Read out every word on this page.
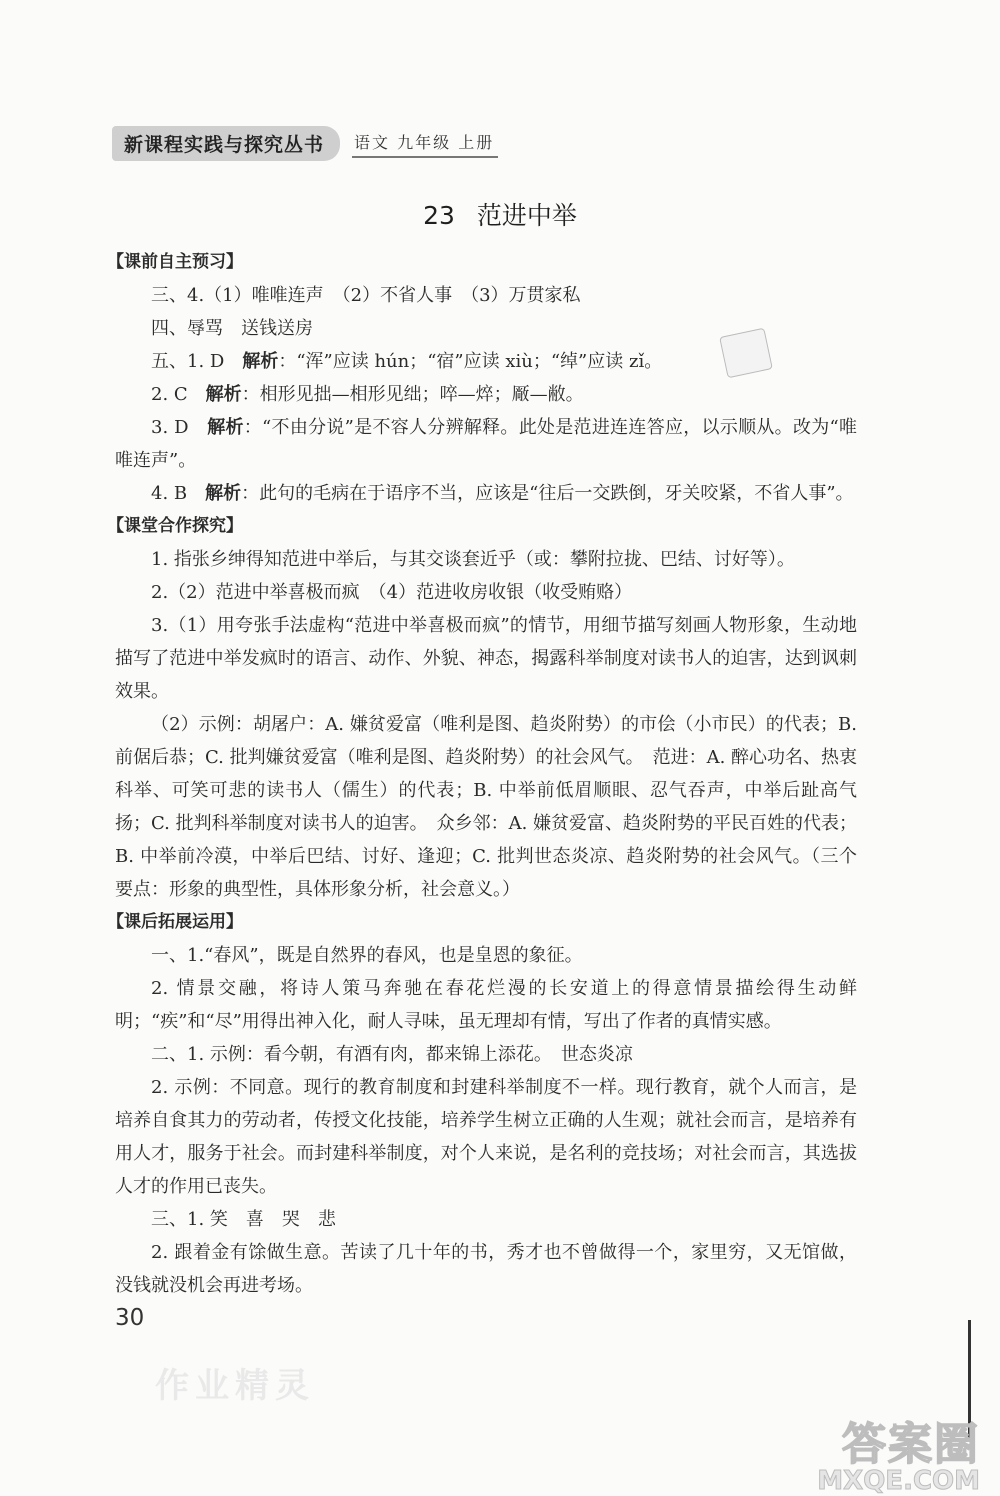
新课程实践与探究丛书	语文 九年级 上册
23 范进中举
【课前自主预习】
三、4.（1）唯唯连声　（2）不省人事　（3）万贯家私
四、辱骂　送钱送房
五、1. D　解析：“浑”应读 hún；“宿”应读 xiù；“绰”应读 zǐ。
2. C　解析：相形见拙—相形见绌；啐—焠；厰—敝。
3. D　解析：“不由分说”是不容人分辨解释。此处是范进连连答应，以示顺从。改为“唯唯连声”。
4. B　解析：此句的毛病在于语序不当，应该是“往后一交跌倒，牙关咬紧，不省人事”。
【课堂合作探究】
1. 指张乡绅得知范进中举后，与其交谈套近乎（或：攀附拉拢、巴结、讨好等）。
2.（2）范进中举喜极而疯　（4）范进收房收银（收受贿赂）
3.（1）用夸张手法虚构“范进中举喜极而疯”的情节，用细节描写刻画人物形象，生动地描写了范进中举发疯时的语言、动作、外貌、神态，揭露科举制度对读书人的迫害，达到讽刺效果。
（2）示例：胡屠户：A. 嫌贫爱富（唯利是图、趋炎附势）的市侩（小市民）的代表；B. 前倨后恭；C. 批判嫌贫爱富（唯利是图、趋炎附势）的社会风气。　范进：A. 醉心功名、热衷科举、可笑可悲的读书人（儒生）的代表；B. 中举前低眉顺眼、忍气吞声，中举后趾高气扬；C. 批判科举制度对读书人的迫害。　众乡邻：A. 嫌贫爱富、趋炎附势的平民百姓的代表；B. 中举前冷漠，中举后巴结、讨好、逢迎；C. 批判世态炎凉、趋炎附势的社会风气。（三个要点：形象的典型性，具体形象分析，社会意义。）
【课后拓展运用】
一、1.“春风”，既是自然界的春风，也是皇恩的象征。
2. 情景交融，将诗人策马奔驰在春花烂漫的长安道上的得意情景描绘得生动鲜明；“疾”和“尽”用得出神入化，耐人寻味，虽无理却有情，写出了作者的真情实感。
二、1. 示例：看今朝，有酒有肉，都来锦上添花。　世态炎凉
2. 示例：不同意。现行的教育制度和封建科举制度不一样。现行教育，就个人而言，是培养自食其力的劳动者，传授文化技能，培养学生树立正确的人生观；就社会而言，是培养有用人才，服务于社会。而封建科举制度，对个人来说，是名利的竞技场；对社会而言，其选拔人才的作用已丧失。
三、1. 笑　喜　哭　悲
2. 跟着金有馀做生意。苦读了几十年的书，秀才也不曾做得一个，家里穷，又无馆做，没钱就没机会再进考场。
30
作业精灵
答案圈
MXQE.COM
